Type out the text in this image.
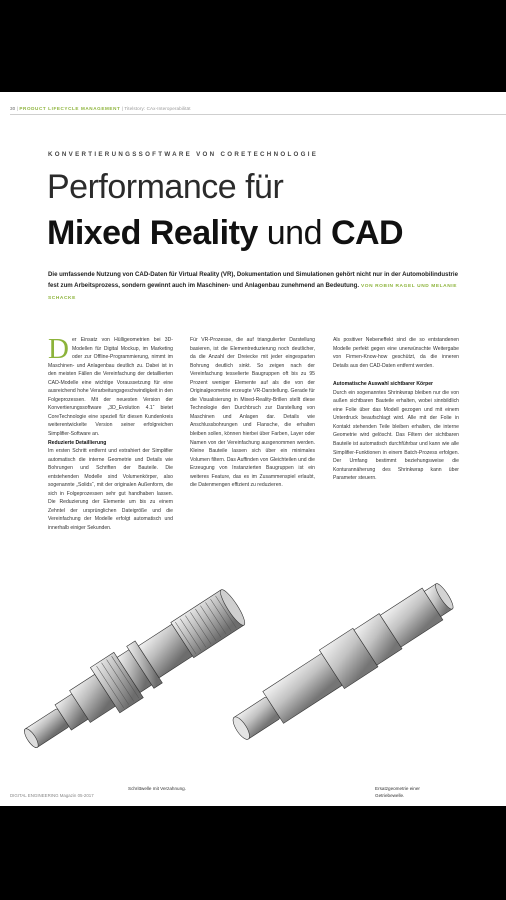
30 | PRODUCT LIFECYCLE MANAGEMENT | Titelstory: CAx-Interoperabilität
KONVERTIERUNGSSOFTWARE VON CORETECHNOLOGIE
Performance für
Mixed Reality und CAD
Die umfassende Nutzung von CAD-Daten für Virtual Reality (VR), Dokumentation und Simulationen gehört nicht nur in der Automobilindustrie fest zum Arbeitsprozess, sondern gewinnt auch im Maschinen- und Anlagenbau zunehmend an Bedeutung. VON ROBIN RAGEL UND MELANIE SCHACKE

Der Einsatz von Hülligeometrien bei 3D-Modellen für Digital Mockup, im Marketing oder zur Offline-Programmierung, nimmt im Maschinen- und Anlagenbau deutlich zu. Dabei ist in den meisten Fällen die Vereinfachung der detaillierten CAD-Modelle eine wichtige Voraussetzung für eine ausreichend hohe Verarbeitungsgeschwindigkeit in den Folgeprozessen. Mit der neuesten Version der Konvertierungssoftware „3D_Evolution 4.1“ bietet CoreTechnologie eine speziell für diesen Kundenkreis weiterentwickelte Version seiner erfolgreichen Simplifier-Software an.

Reduzierte Detaillierung

Im ersten Schritt entfernt und extrahiert der Simplifier automatisch die interne Geometrie und Details wie Bohrungen und Schriften der Bauteile. Die entstehenden Modelle sind Volumenkörper, also sogenannte „Solids“, mit der originalen Außenform, die sich in Folgeprozessen sehr gut handhaben lassen. Die Reduzierung der Elemente um bis zu einem Zehntel der ursprünglichen Dateigröße und die Vereinfachung der Modelle erfolgt automatisch und innerhalb einiger Sekunden.

Für VR-Prozesse, die auf triangulierter Darstellung basieren, ist die Elementreduzierung noch deutlicher, da die Anzahl der Dreiecke mit jeder eingesparten Bohrung deutlich sinkt. So zeigen nach der Vereinfachung tesselierte Baugruppen oft bis zu 95 Prozent weniger Elemente auf als die von der Originalgeometrie erzeugte VR-Darstellung. Gerade für die Visualisierung in Mixed-Reality-Brillen stellt diese Technologie den Durchbruch zur Darstellung von Maschinen und Anlagen dar. Details wie Anschlussbohrungen und Flansche, die erhalten bleiben sollen, können hierbei über Farben, Layer oder Namen von der Vereinfachung ausgenommen werden. Kleine Bauteile lassen sich über ein minimales Volumen filtern. Das Auffinden von Gleichteilen und die Erzeugung von Instanzierten Baugruppen ist ein weiteres Feature, das es im Zusammenspiel erlaubt, die Datenmengen effizient zu reduzieren.

Als positiver Nebeneffekt sind die so entstandenen Modelle perfekt gegen eine unerwünschte Weitergabe von Firmen-Know-how geschützt, da die inneren Details aus den CAD-Daten entfernt werden.

Automatische Auswahl sichtbarer Körper

Durch ein sogenanntes Shrinkwrap bleiben nur die von außen sichtbaren Bauteile erhalten, wobei sinnbildlich eine Folie über das Modell gezogen und mit einem Unterdruck beaufschlagt wird. Alle mit der Folie in Kontakt stehenden Teile bleiben erhalten, die interne Geometrie wird gelöscht. Das Filtern der sichtbaren Bauteile ist automatisch durchführbar und kann wie alle Simplifier-Funktionen in einem Batch-Prozess erfolgen. Der Umfang bestimmt beziehungsweise die Konturannäherung des Shrinkwrap kann über Parameter steuern.

Schrittwelle mit Verzahnung.	Ersatzgeometrie einer Getriebewelle.
DIGITAL ENGINEERING Magazin 05-2017
